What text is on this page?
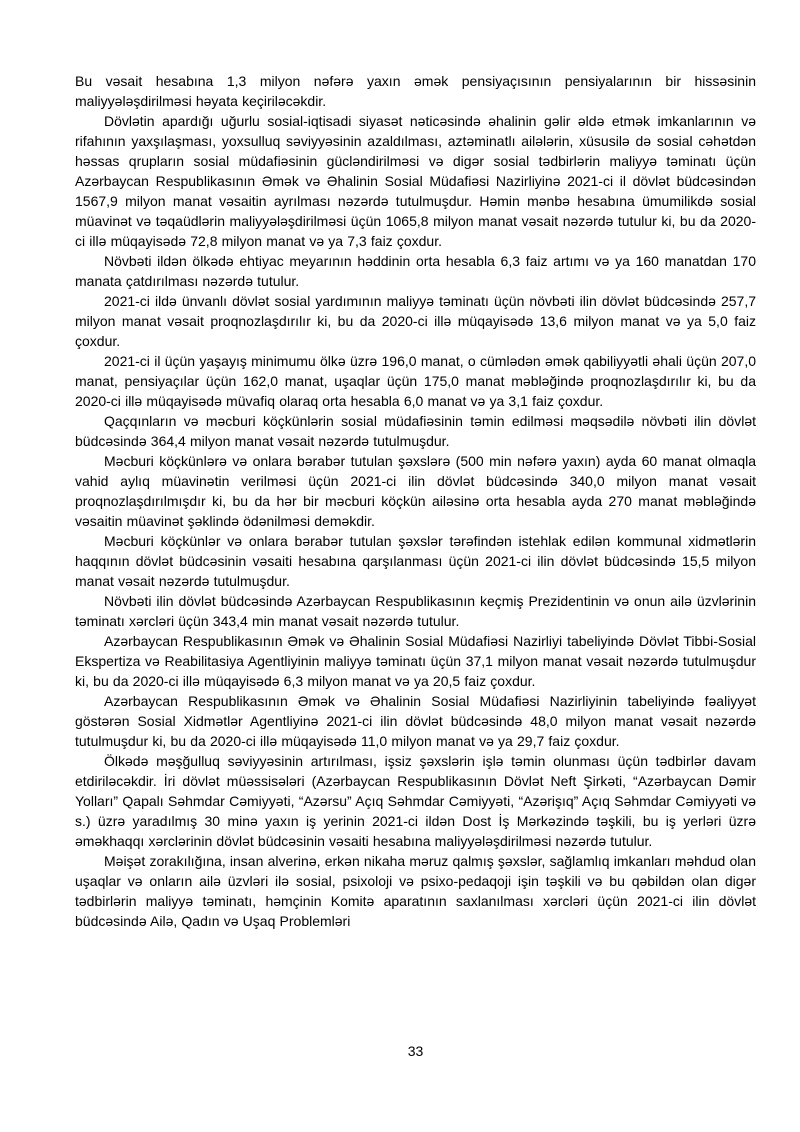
Bu vəsait hesabına 1,3 milyon nəfərə yaxın əmək pensiyaçısının pensiyalarının bir hissəsinin maliyyələşdirilməsi həyata keçiriləcəkdir.

Dövlətin apardığı uğurlu sosial-iqtisadi siyasət nəticəsində əhalinin gəlir əldə etmək imkanlarının və rifahının yaxşılaşması, yoxsulluq səviyyəsinin azaldılması, aztəminatlı ailələrin, xüsusilə də sosial cəhətdən həssas qrupların sosial müdafiəsinin gücləndirilməsi və digər sosial tədbirlərin maliyyə təminatı üçün Azərbaycan Respublikasının Əmək və Əhalinin Sosial Müdafiəsi Nazirliyinə 2021-ci il dövlət büdcəsindən 1567,9 milyon manat vəsaitin ayrılması nəzərdə tutulmuşdur. Həmin mənbə hesabına ümumilikdə sosial müavinət və təqaüdlərin maliyyələşdirilməsi üçün 1065,8 milyon manat vəsait nəzərdə tutulur ki, bu da 2020-ci illə müqayisədə 72,8 milyon manat və ya 7,3 faiz çoxdur.

Növbəti ildən ölkədə ehtiyac meyarının həddinin orta hesabla 6,3 faiz artımı və ya 160 manatdan 170 manata çatdırılması nəzərdə tutulur.

2021-ci ildə ünvanlı dövlət sosial yardımının maliyyə təminatı üçün növbəti ilin dövlət büdcəsində 257,7 milyon manat vəsait proqnozlaşdırılır ki, bu da 2020-ci illə müqayisədə 13,6 milyon manat və ya 5,0 faiz çoxdur.

2021-ci il üçün yaşayış minimumu ölkə üzrə 196,0 manat, o cümlədən əmək qabiliyyətli əhali üçün 207,0 manat, pensiyaçılar üçün 162,0 manat, uşaqlar üçün 175,0 manat məbləğində proqnozlaşdırılır ki, bu da 2020-ci illə müqayisədə müvafiq olaraq orta hesabla 6,0 manat və ya 3,1 faiz çoxdur.

Qaçqınların və məcburi köçkünlərin sosial müdafiəsinin təmin edilməsi məqsədilə növbəti ilin dövlət büdcəsində 364,4 milyon manat vəsait nəzərdə tutulmuşdur.

Məcburi köçkünlərə və onlara bərabər tutulan şəxslərə (500 min nəfərə yaxın) ayda 60 manat olmaqla vahid aylıq müavinətin verilməsi üçün 2021-ci ilin dövlət büdcəsində 340,0 milyon manat vəsait proqnozlaşdırılmışdır ki, bu da hər bir məcburi köçkün ailəsinə orta hesabla ayda 270 manat məbləğində vəsaitin müavinət şəklində ödənilməsi deməkdir.

Məcburi köçkünlər və onlara bərabər tutulan şəxslər tərəfindən istehlak edilən kommunal xidmətlərin haqqının dövlət büdcəsinin vəsaiti hesabına qarşılanması üçün 2021-ci ilin dövlət büdcəsində 15,5 milyon manat vəsait nəzərdə tutulmuşdur.

Növbəti ilin dövlət büdcəsində Azərbaycan Respublikasının keçmiş Prezidentinin və onun ailə üzvlərinin təminatı xərcləri üçün 343,4 min manat vəsait nəzərdə tutulur.

Azərbaycan Respublikasının Əmək və Əhalinin Sosial Müdafiəsi Nazirliyi tabeliyində Dövlət Tibbi-Sosial Ekspertiza və Reabilitasiya Agentliyinin maliyyə təminatı üçün 37,1 milyon manat vəsait nəzərdə tutulmuşdur ki, bu da 2020-ci illə müqayisədə 6,3 milyon manat və ya 20,5 faiz çoxdur.

Azərbaycan Respublikasının Əmək və Əhalinin Sosial Müdafiəsi Nazirliyinin tabeliyində fəaliyyət göstərən Sosial Xidmətlər Agentliyinə 2021-ci ilin dövlət büdcəsində 48,0 milyon manat vəsait nəzərdə tutulmuşdur ki, bu da 2020-ci illə müqayisədə 11,0 milyon manat və ya 29,7 faiz çoxdur.

Ölkədə məşğulluq səviyyəsinin artırılması, işsiz şəxslərin işlə təmin olunması üçün tədbirlər davam etdiriləcəkdir. İri dövlət müəssisələri (Azərbaycan Respublikasının Dövlət Neft Şirkəti, “Azərbaycan Dəmir Yolları” Qapalı Səhmdar Cəmiyyəti, “Azərsu” Açıq Səhmdar Cəmiyyəti, “Azərişıq” Açıq Səhmdar Cəmiyyəti və s.) üzrə yaradılmış 30 minə yaxın iş yerinin 2021-ci ildən Dost İş Mərkəzində təşkili, bu iş yerləri üzrə əməkhaqqı xərclərinin dövlət büdcəsinin vəsaiti hesabına maliyyələşdirilməsi nəzərdə tutulur.

Məişət zorakılığına, insan alverinə, erkən nikaha məruz qalmış şəxslər, sağlamlıq imkanları məhdud olan uşaqlar və onların ailə üzvləri ilə sosial, psixoloji və psixo-pedaqoji işin təşkili və bu qəbildən olan digər tədbirlərin maliyyə təminatı, həmçinin Komitə aparatının saxlanılması xərcləri üçün 2021-ci ilin dövlət büdcəsində Ailə, Qadın və Uşaq Problemləri

33
